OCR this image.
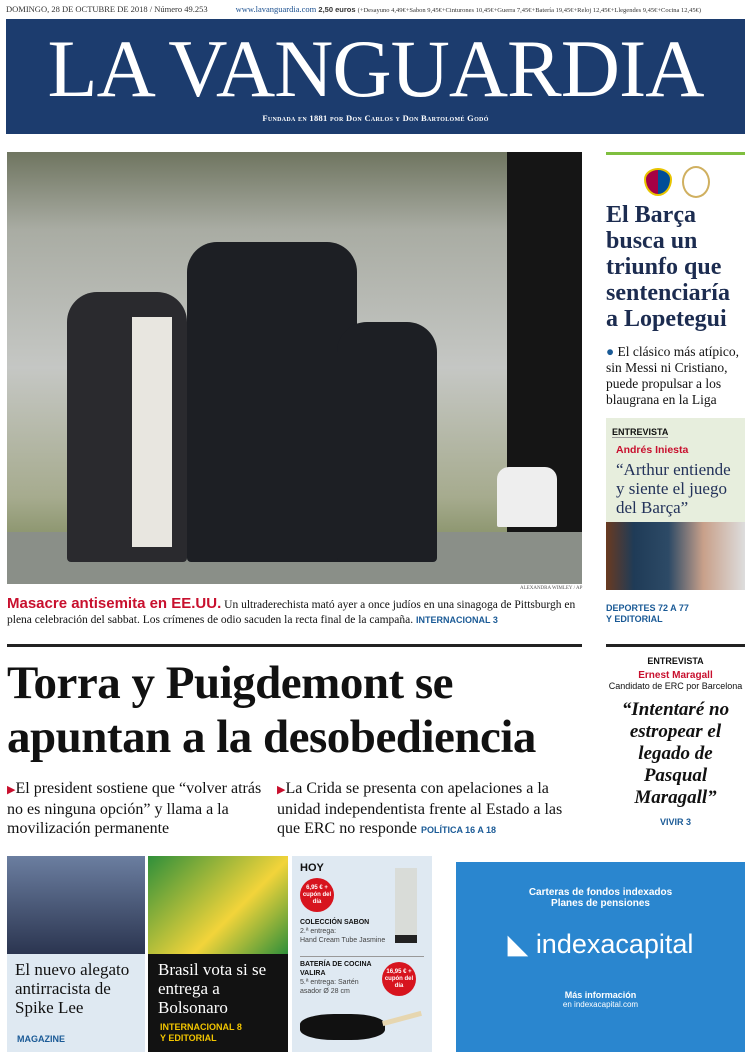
DOMINGO, 28 DE OCTUBRE DE 2018 / Número 49.253	www.lavanguardia.com 2,50 euros (+Desayuno 4,49€+Sabon 9,45€+Cinturones 10,45€+Guerra 7,45€+Batería 19,45€+Reloj 12,45€+Llegendes 9,45€+Cocina 12,45€)
LA VANGUARDIA
Fundada en 1881 por Don Carlos y Don Bartolomé Godó
ALEXANDRA WIMLEY / AP
Masacre antisemita en EE.UU. Un ultraderechista mató ayer a once judíos en una sinagoga de Pittsburgh en plena celebración del sabbat. Los crímenes de odio sacuden la recta final de la campaña. INTERNACIONAL 3
Torra y Puigdemont se apuntan a la desobediencia
▶El president sostiene que “volver atrás no es ninguna opción” y llama a la movilización permanente
▶La Crida se presenta con apelaciones a la unidad independentista frente al Estado a las que ERC no responde POLÍTICA 16 A 18
El Barça busca un triunfo que sentenciaría a Lopetegui

● El clásico más atípico, sin Messi ni Cristiano, puede propulsar a los blaugrana en la Liga

ENTREVISTA
Andrés Iniesta
“Arthur entiende y siente el juego del Barça”
DEPORTES 72 A 77
Y EDITORIAL
ENTREVISTA
Ernest Maragall
Candidato de ERC por Barcelona
“Intentaré no estropear el legado de Pasqual Maragall”
VIVIR 3
El nuevo alegato antirracista de Spike Lee
MAGAZINE
Brasil vota si se entrega a Bolsonaro
INTERNACIONAL 8
Y EDITORIAL
HOY
6,95 € + cupón del día
COLECCIÓN SABON
2.ª entrega:
Hand Cream Tube Jasmine
BATERÍA DE COCINA VALIRA
5.ª entrega: Sartén asador Ø 28 cm
16,95 € + cupón del día
Carteras de fondos indexados
Planes de pensiones
◣ indexacapital
Más información
en indexacapital.com
